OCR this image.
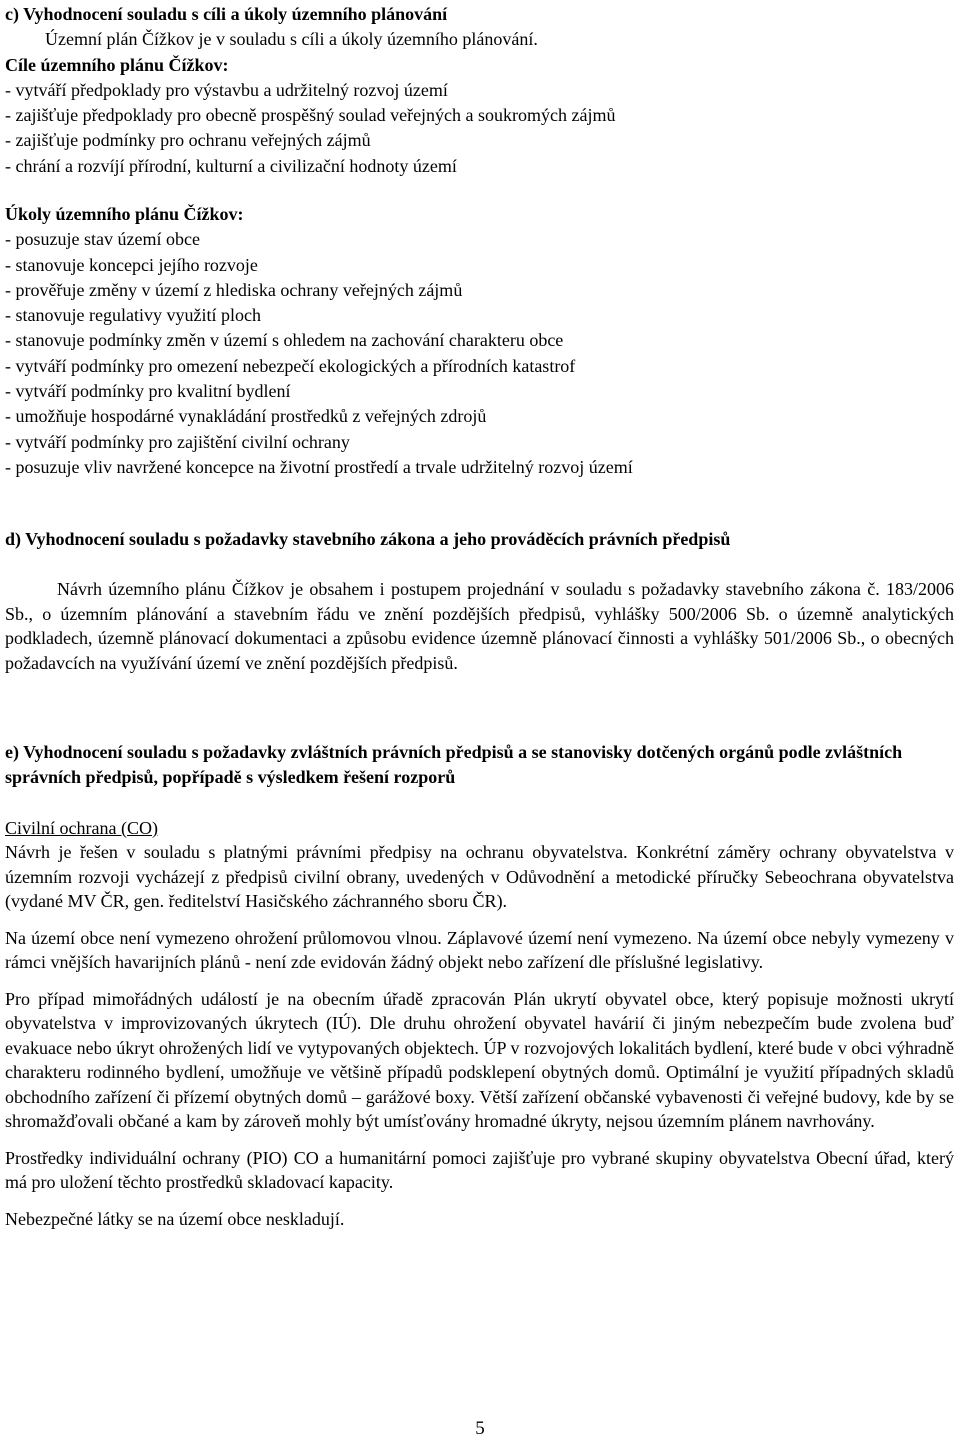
c) Vyhodnocení souladu s cíli a úkoly územního plánování
Územní plán Čížkov je v souladu s cíli a úkoly územního plánování.
Cíle územního plánu Čížkov:
- vytváří předpoklady pro výstavbu a udržitelný rozvoj území
- zajišťuje předpoklady pro obecně prospěšný soulad veřejných a soukromých zájmů
- zajišťuje podmínky pro ochranu veřejných zájmů
- chrání a rozvíjí přírodní, kulturní a civilizační hodnoty území
Úkoly územního plánu Čížkov:
- posuzuje stav území obce
- stanovuje koncepci jejího rozvoje
- prověřuje změny v území z hlediska ochrany veřejných zájmů
- stanovuje regulativy využití ploch
- stanovuje podmínky změn v území s ohledem na zachování charakteru obce
- vytváří podmínky pro omezení nebezpečí ekologických a přírodních katastrof
- vytváří podmínky pro kvalitní bydlení
- umožňuje hospodárné vynakládání prostředků z veřejných zdrojů
- vytváří podmínky pro zajištění civilní ochrany
- posuzuje vliv navržené koncepce na životní prostředí a trvale udržitelný rozvoj území
d) Vyhodnocení souladu s požadavky stavebního zákona a jeho prováděcích právních předpisů
Návrh územního plánu Čížkov je obsahem i postupem projednání v souladu s požadavky stavebního zákona č. 183/2006 Sb., o územním plánování a stavebním řádu ve znění pozdějších předpisů, vyhlášky 500/2006 Sb. o územně analytických podkladech, územně plánovací dokumentaci a způsobu evidence územně plánovací činnosti a vyhlášky 501/2006 Sb., o obecných požadavcích na využívání území ve znění pozdějších předpisů.
e) Vyhodnocení souladu s požadavky zvláštních právních předpisů a se stanovisky dotčených orgánů podle zvláštních správních předpisů, popřípadě s výsledkem řešení rozporů
Civilní ochrana (CO)

Návrh je řešen v souladu s platnými právními předpisy na ochranu obyvatelstva. Konkrétní záměry ochrany obyvatelstva v územním rozvoji vycházejí z předpisů civilní obrany, uvedených v Odůvodnění a metodické příručky Sebeochrana obyvatelstva (vydané MV ČR, gen. ředitelství Hasičského záchranného sboru ČR).

Na území obce není vymezeno ohrožení průlomovou vlnou. Záplavové území není vymezeno. Na území obce nebyly vymezeny v rámci vnějších havarijních plánů - není zde evidován žádný objekt nebo zařízení dle příslušné legislativy.

Pro případ mimořádných událostí je na obecním úřadě zpracován Plán ukrytí obyvatel obce, který popisuje možnosti ukrytí obyvatelstva v improvizovaných úkrytech (IÚ). Dle druhu ohrožení obyvatel havárií či jiným nebezpečím bude zvolena buď evakuace nebo úkryt ohrožených lidí ve vytypovaných objektech. ÚP v rozvojových lokalitách bydlení, které bude v obci výhradně charakteru rodinného bydlení, umožňuje ve většině případů podsklepení obytných domů. Optimální je využití případných skladů obchodního zařízení či přízemí obytných domů – garážové boxy. Větší zařízení občanské vybavenosti či veřejné budovy, kde by se shromažďovali občané a kam by zároveň mohly být umísťovány hromadné úkryty, nejsou územním plánem navrhovány.

Prostředky individuální ochrany (PIO) CO a humanitární pomoci zajišťuje pro vybrané skupiny obyvatelstva Obecní úřad, který má pro uložení těchto prostředků skladovací kapacity.

Nebezpečné látky se na území obce neskladují.

5
